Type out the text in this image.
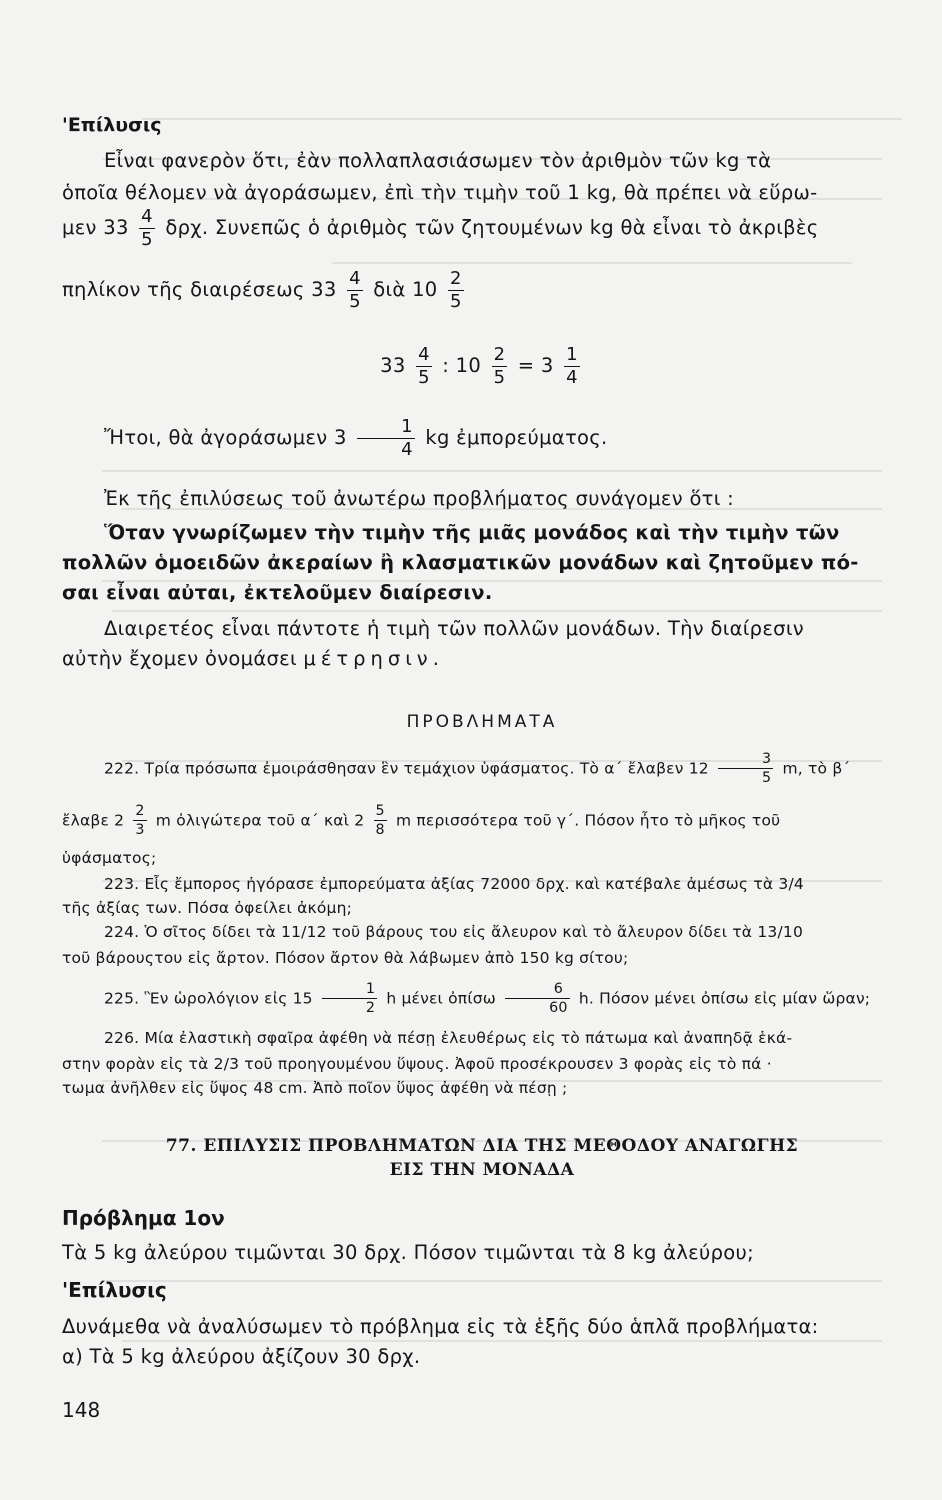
'Επίλυσις
Εἶναι φανερὸν ὅτι, ἐὰν πολλαπλασιάσωμεν τὸν ἀριθμὸν τῶν kg τὰ
ὁποῖα θέλομεν νὰ ἀγοράσωμεν, ἐπὶ τὴν τιμὴν τοῦ 1 kg, θὰ πρέπει νὰ εὕρω-
μεν $33 \frac{4}{5} \delta\rho\chi$. Συνεπῶς ὁ ἀριθμὸς τῶν ζητουμένων kg θὰ εἶναι τὸ ἀκριβὲς
πηλίκον τῆς διαιρέσεως $33 \frac{4}{5}$ διὰ $10 \frac{2}{5}$
$33 \frac{4}{5}$ : $10 \frac{2}{5} = 3 \frac{1}{4}$
Ἤτοι, θὰ ἀγοράσωμεν $3 \frac{1}{4}$ kg ἐμπορεύματος.
Ἐκ τῆς ἐπιλύσεως τοῦ ἀνωτέρω προβλήματος συνάγομεν ὅτι :
Ὅταν γνωρίζωμεν τὴν τιμὴν τῆς μιᾶς μονάδος καὶ τὴν τιμὴν τῶν
πολλῶν ὁμοειδῶν ἀκεραίων ἢ κλασματικῶν μονάδων καὶ ζητοῦμεν πό-
σαι εἶναι αὐται, ἐκτελοῦμεν διαίρεσιν.
Διαιρετέος εἶναι πάντοτε ἡ τιμὴ τῶν πολλῶν μονάδων. Τὴν διαίρεσιν
αὐτὴν ἔχομεν ὀνομάσει μέτρησιν.
ΠΡΟΒΛΗΜΑΤΑ
222. Τρία πρόσωπα ἐμοιράσθησαν ἓν τεμάχιον ὑφάσματος. Τὸ α´ ἔλαβεν $12 \frac{3}{5} m$, τὸ β´
ἔλαβε $2 \frac{2}{3}$ m ὀλιγώτερα τοῦ α´ καὶ $2 \frac{5}{8}$ m περισσότερα τοῦ γ´. Πόσον ἦτο τὸ μῆκος τοῦ
ὑφάσματος;
223. Εἷς ἔμπορος ἠγόρασε ἐμπορεύματα ἀξίας 72000 δρχ. καὶ κατέβαλε ἀμέσως τὰ 3/4
τῆς ἀξίας των. Πόσα ὀφείλει ἀκόμη;
224. Ὁ σῖτος δίδει τὰ 11/12 τοῦ βάρους του εἰς ἄλευρον καὶ τὸ ἄλευρον δίδει τὰ 13/10
τοῦ βάρουςτου εἰς ἄρτον. Πόσον ἄρτον θὰ λάβωμεν ἀπὸ 150 kg σίτου;
225. Ἓν ὡρολόγιον εἰς $15 \frac{1}{2}$ h μένει ὀπίσω $\frac{6}{60} h$. Πόσον μένει ὀπίσω εἰς μίαν ὥραν;
226. Μία ἐλαστικὴ σφαῖρα ἀφέθη νὰ πέσῃ ἐλευθέρως εἰς τὸ πάτωμα καὶ ἀναπηδᾷ ἑκά-
στην φορὰν εἰς τὰ 2/3 τοῦ προηγουμένου ὕψους. Ἀφοῦ προσέκρουσεν 3 φορὰς εἰς τὸ πά ·
τωμα ἀνῆλθεν εἰς ὕψος 48 cm. Ἀπὸ ποῖον ὕψος ἀφέθη νὰ πέσῃ ;
77. ΕΠΙΛΥΣΙΣ ΠΡΟΒΛΗΜΑΤΩΝ ΔΙΑ ΤΗΣ ΜΕΘΟΔΟΥ ΑΝΑΓΩΓΗΣ
ΕΙΣ ΤΗΝ ΜΟΝΑΔΑ
Πρόβλημα 1ον
Τὰ 5 kg ἀλεύρου τιμῶνται 30 δρχ. Πόσον τιμῶνται τὰ 8 kg ἀλεύρου;
'Επίλυσις
Δυνάμεθα νὰ ἀναλύσωμεν τὸ πρόβλημα εἰς τὰ ἑξῆς δύο ἁπλᾶ προβλήματα:
α) Τὰ 5 kg ἀλεύρου ἀξίζουν 30 δρχ.
148
